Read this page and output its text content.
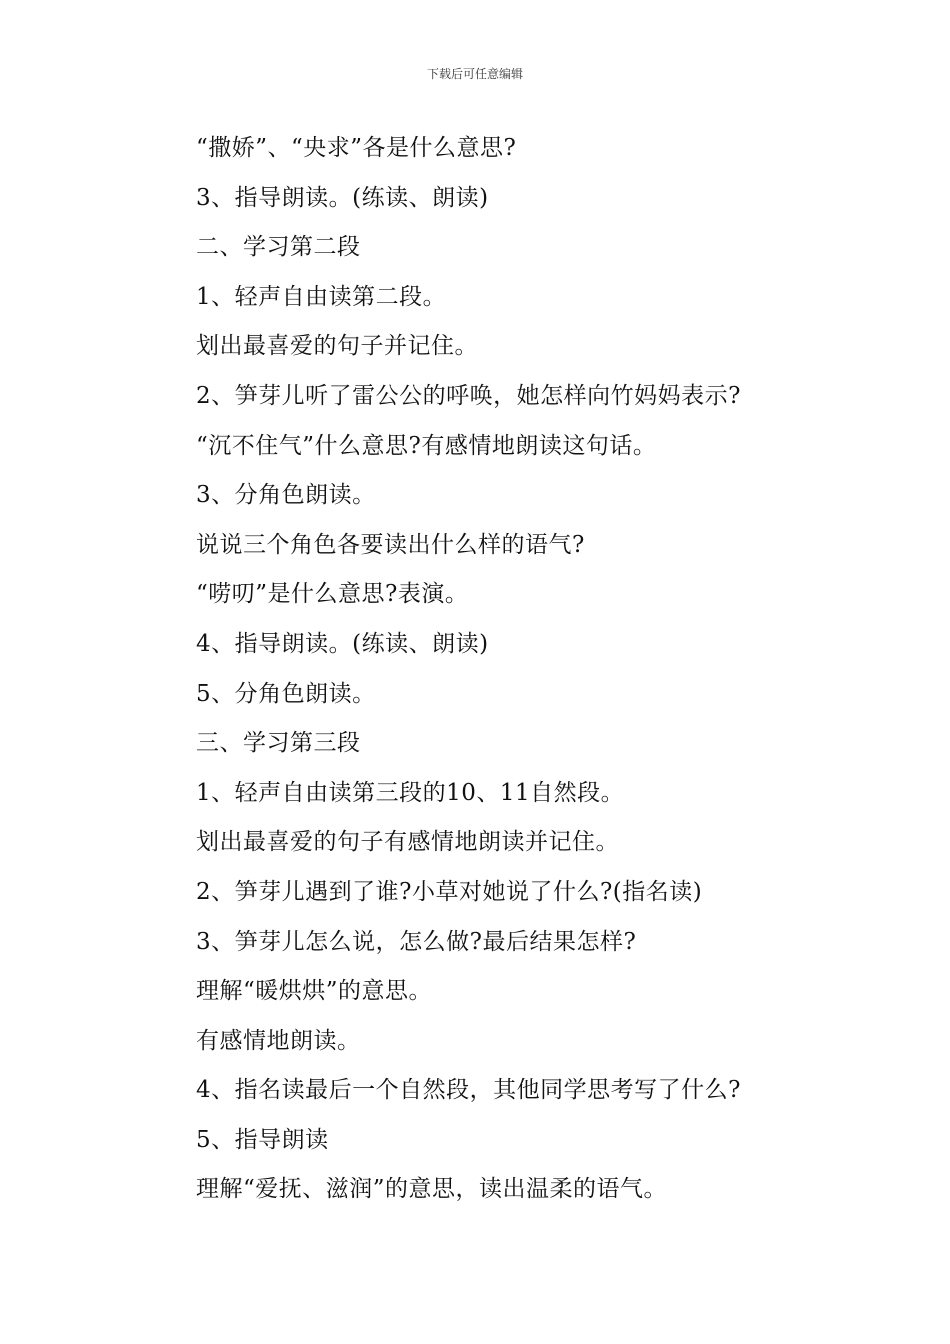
下载后可任意编辑
“撒娇”、“央求”各是什么意思?
3、指导朗读。(练读、朗读)
二、学习第二段
1、轻声自由读第二段。
划出最喜爱的句子并记住。
2、笋芽儿听了雷公公的呼唤，她怎样向竹妈妈表示?
“沉不住气”什么意思?有感情地朗读这句话。
3、分角色朗读。
说说三个角色各要读出什么样的语气?
“唠叨”是什么意思?表演。
4、指导朗读。(练读、朗读)
5、分角色朗读。
三、学习第三段
1、轻声自由读第三段的10、11自然段。
划出最喜爱的句子有感情地朗读并记住。
2、笋芽儿遇到了谁?小草对她说了什么?(指名读)
3、笋芽儿怎么说，怎么做?最后结果怎样?
理解“暖烘烘”的意思。
有感情地朗读。
4、指名读最后一个自然段，其他同学思考写了什么?
5、指导朗读
理解“爱抚、滋润”的意思，读出温柔的语气。
